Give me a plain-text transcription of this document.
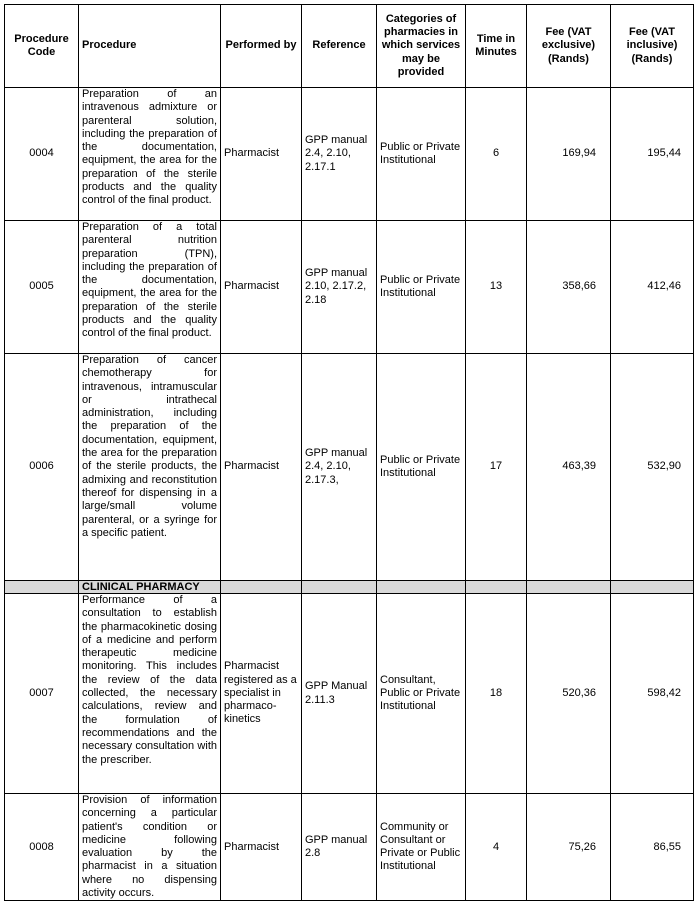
Procedure Code	Procedure	Performed by	Reference	Categories of pharmacies in which services may be provided	Time in Minutes	Fee (VAT exclusive) (Rands)	Fee (VAT inclusive) (Rands)
0004	Preparation of an intravenous admixture or parenteral solution, including the preparation of the documentation, equipment, the area for the preparation of the sterile products and the quality control of the final product.	Pharmacist	GPP manual 2.4, 2.10, 2.17.1	Public or Private Institutional	6	169,94	195,44
0005	Preparation of a total parenteral nutrition preparation (TPN), including the preparation of the documentation, equipment, the area for the preparation of the sterile products and the quality control of the final product.	Pharmacist	GPP manual 2.10, 2.17.2, 2.18	Public or Private Institutional	13	358,66	412,46
0006	Preparation of cancer chemotherapy for intravenous, intramuscular or intrathecal administration, including the preparation of the documentation, equipment, the area for the preparation of the sterile products, the admixing and reconstitution thereof for dispensing in a large/small volume parenteral, or a syringe for a specific patient.	Pharmacist	GPP manual 2.4, 2.10, 2.17.3,	Public or Private Institutional	17	463,39	532,90
	CLINICAL PHARMACY						
0007	Performance of a consultation to establish the pharmacokinetic dosing of a medicine and perform therapeutic medicine monitoring. This includes the review of the data collected, the necessary calculations, review and the formulation of recommendations and the necessary consultation with the prescriber.	Pharmacist registered as a specialist in pharmaco-kinetics	GPP Manual 2.11.3	Consultant, Public or Private Institutional	18	520,36	598,42
0008	Provision of information concerning a particular patient's condition or medicine following evaluation by the pharmacist in a situation where no dispensing activity occurs.	Pharmacist	GPP manual 2.8	Community or Consultant or Private or Public Institutional	4	75,26	86,55
